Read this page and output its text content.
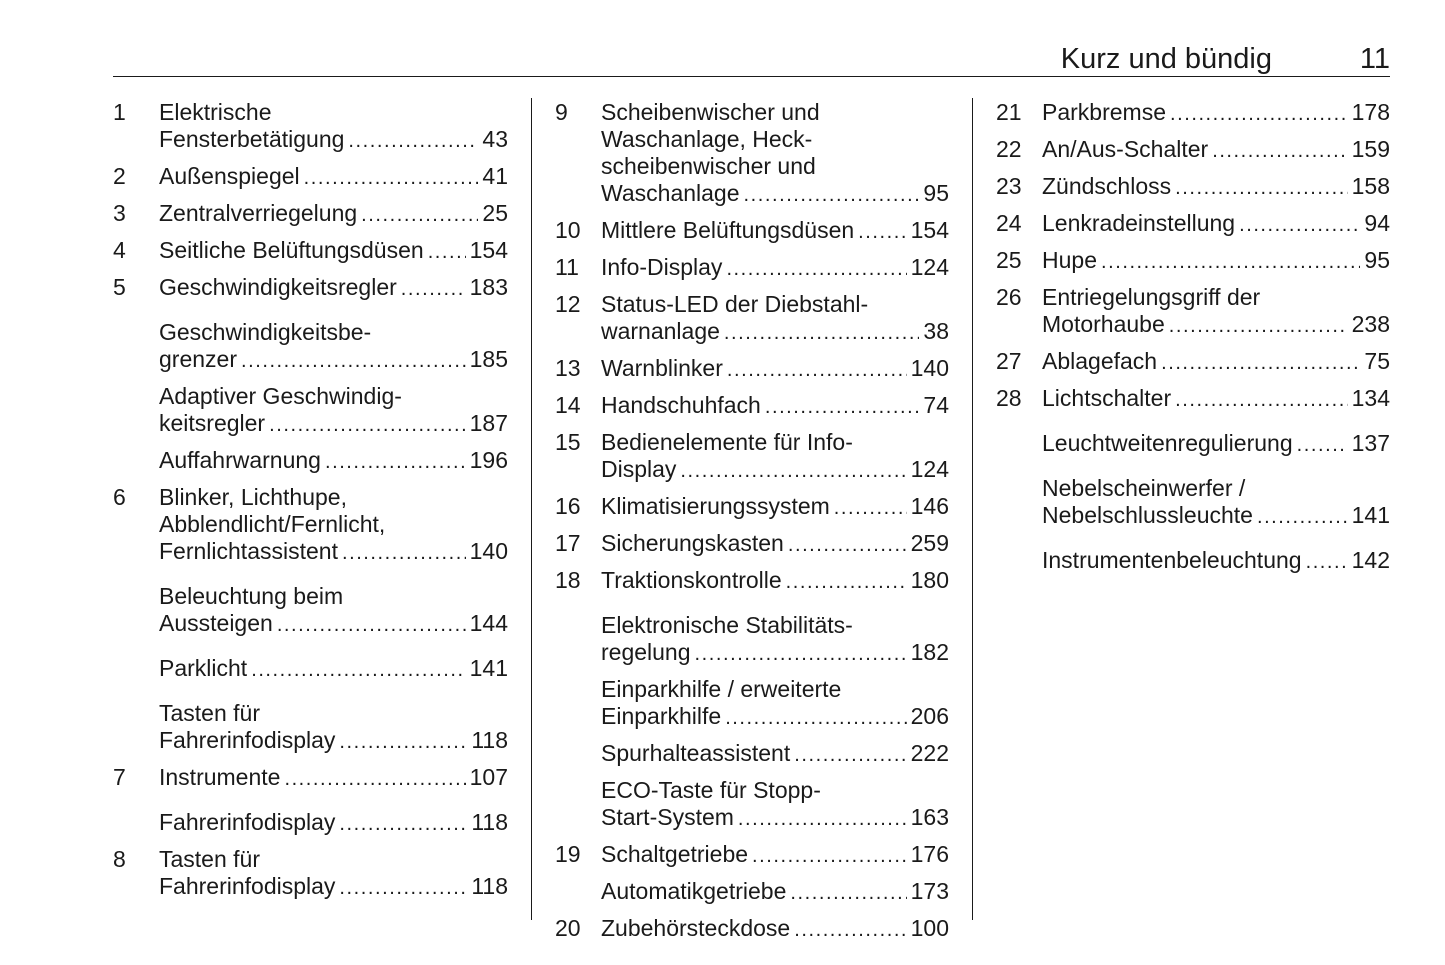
Kurz und bündig	11
1	Elektrische
Fensterbetätigung . . .	43
2	Außenspiegel . . .	41
3	Zentralverriegelung . . .	25
4	Seitliche Belüftungsdüsen . . . 154
5	Geschwindigkeitsregler . . .	183
Geschwindigkeitsbe-
grenzer . . .	185
Adaptiver Geschwindig-
keitsregler . . .	187
Auffahrwarnung . . .	196
6	Blinker, Lichthupe,
Abblendlicht/Fernlicht,
Fernlichtassistent . . .	140
Beleuchtung beim
Aussteigen . . .	144
Parklicht . . .	141
Tasten für
Fahrerinfodisplay . . .	118
7	Instrumente . . .	107
Fahrerinfodisplay . . .	118
8	Tasten für
Fahrerinfodisplay . . .	118
9	Scheibenwischer und
Waschanlage, Heck-
scheibenwischer und
Waschanlage . . .	95
10 Mittlere Belüftungsdüsen . . . 154
11 Info-Display . . .	124
12 Status-LED der Diebstahl-
warnanlage . . .	38
13 Warnblinker . . .	140
14 Handschuhfach . . .	74
15 Bedienelemente für Info-
Display . . .	124
16 Klimatisierungssystem . . .	146
17 Sicherungskasten . . .	259
18 Traktionskontrolle . . .	180
Elektronische Stabilitäts-
regelung . . .	182
Einparkhilfe / erweiterte
Einparkhilfe . . .	206
Spurhalteassistent . . .	222
ECO-Taste für Stopp-
Start-System . . .	163
19 Schaltgetriebe . . .	176
Automatikgetriebe . . .	173
20 Zubehörsteckdose . . .	100
21 Parkbremse . . .	178
22 An/Aus-Schalter . . .	159
23 Zündschloss . . .	158
24 Lenkradeinstellung . . .	94
25 Hupe . . .	95
26 Entriegelungsgriff der
Motorhaube . . .	238
27 Ablagefach . . .	75
28 Lichtschalter . . .	134
Leuchtweitenregulierung . . .	137
Nebelscheinwerfer /
Nebelschlussleuchte . . .	141
Instrumentenbeleuchtung . . . 142
